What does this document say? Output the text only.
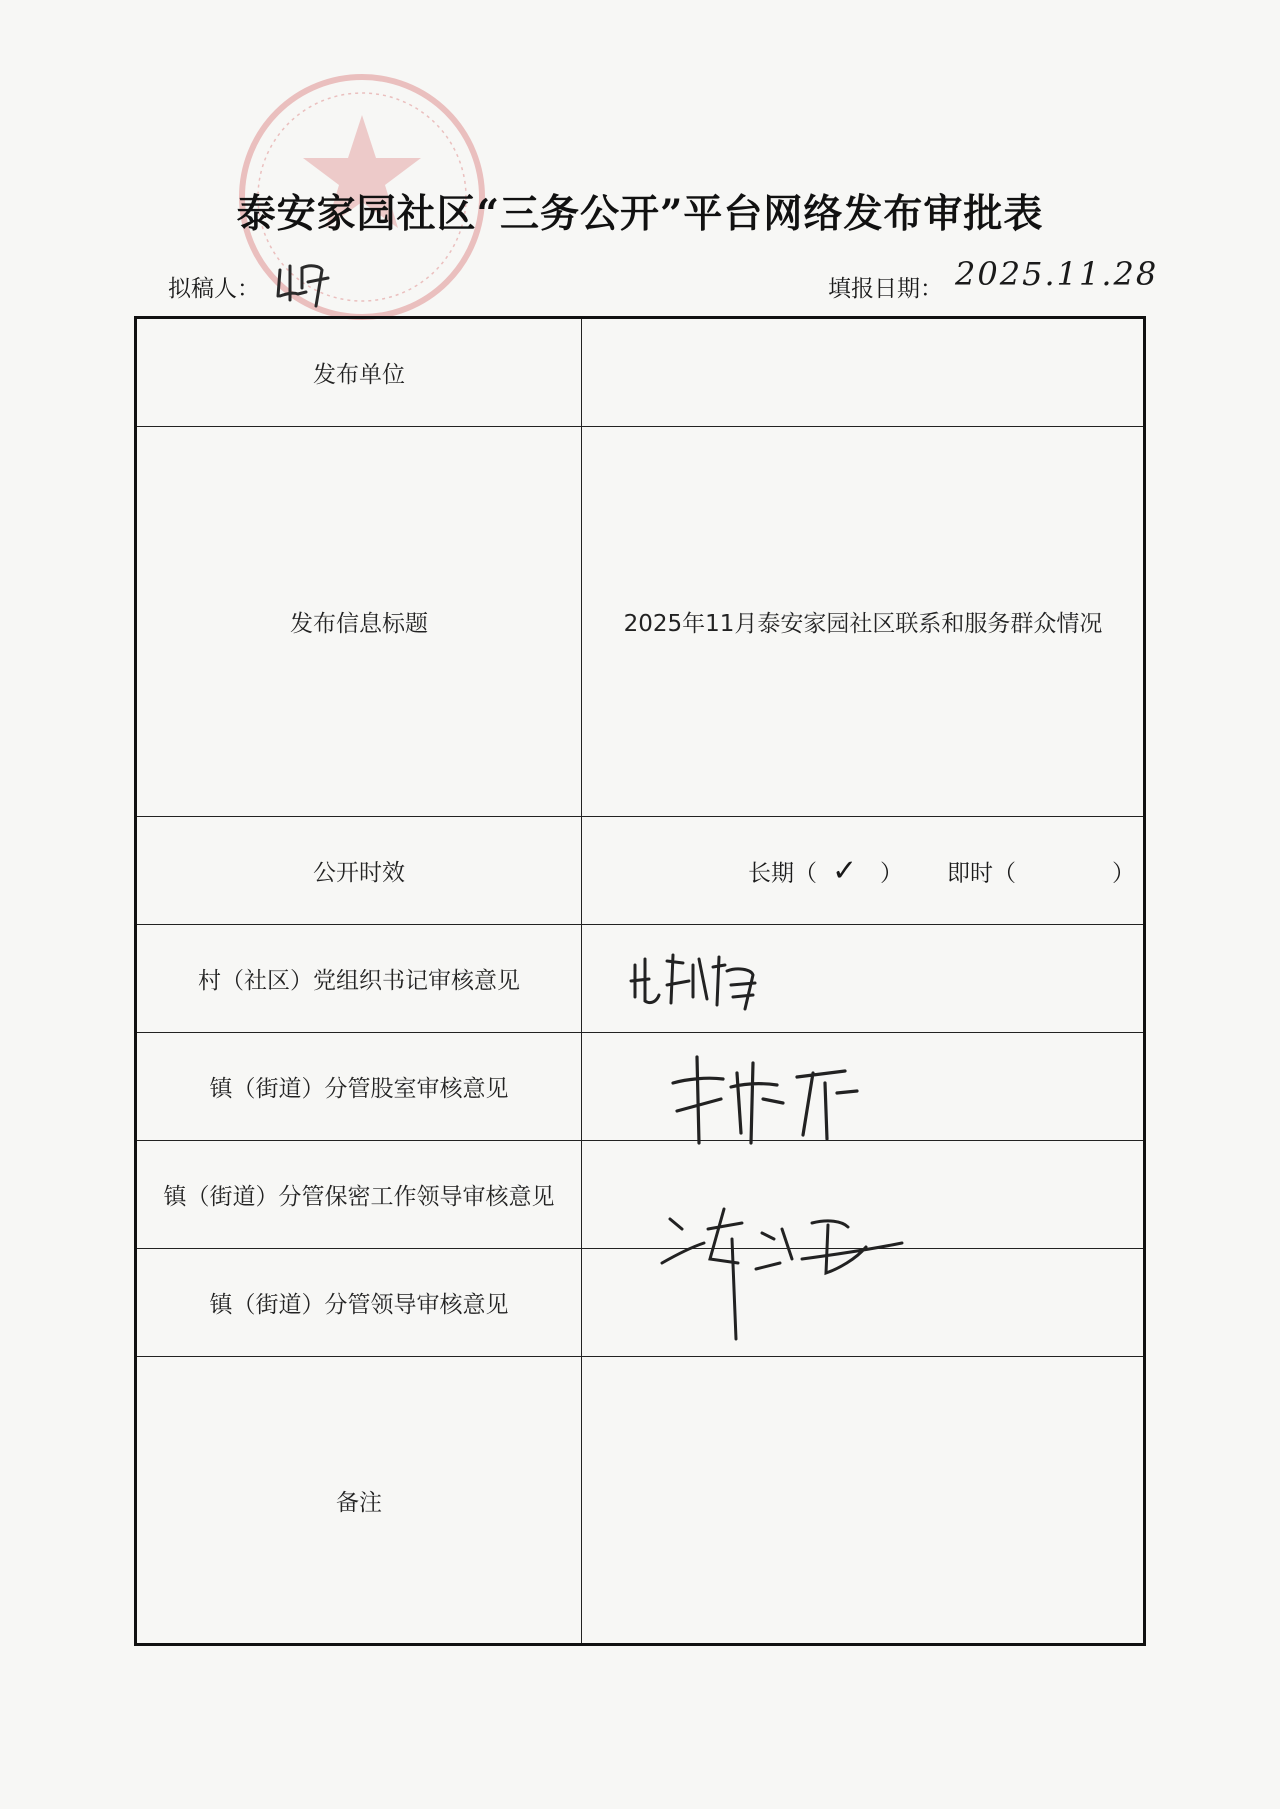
泰安家园社区“三务公开”平台网络发布审批表
拟稿人：	填报日期： 2025.11.28
发布单位
发布信息标题	2025年11月泰安家园社区联系和服务群众情况
公开时效	长期（ ✓ ） 即时（	）
村（社区）党组织书记审核意见
镇（街道）分管股室审核意见
镇（街道）分管保密工作领导审核意见
镇（街道）分管领导审核意见
备注
